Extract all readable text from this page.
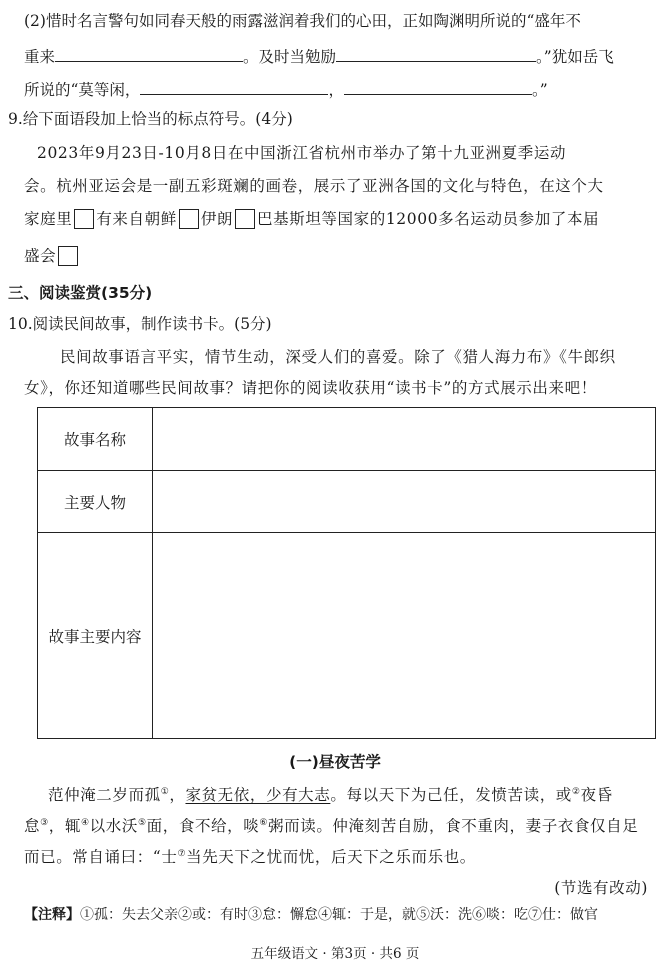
(2)惜时名言警句如同春天般的雨露滋润着我们的心田，正如陶渊明所说的“盛年不
重来	。及时当勉励	。”犹如岳飞
所说的“莫等闲，	，	。”
9.给下面语段加上恰当的标点符号。(4分)
2023年9月23日-10月8日在中国浙江省杭州市举办了第十九亚洲夏季运动
会。杭州亚运会是一副五彩斑斓的画卷，展示了亚洲各国的文化与特色，在这个大
家庭里 有来自朝鲜 伊朗 巴基斯坦等国家的12000多名运动员参加了本届
盛会
三、阅读鉴赏(35分)
10.阅读民间故事，制作读书卡。(5分)
民间故事语言平实，情节生动，深受人们的喜爱。除了《猎人海力布》《牛郎织
女》，你还知道哪些民间故事？请把你的阅读收获用“读书卡”的方式展示出来吧！
故事名称	
主要人物	
故事主要内容	
(一)昼夜苦学
范仲淹二岁而孤①，家贫无依，少有大志。每以天下为己任，发愤苦读，或②夜昏
怠③，辄④以水沃⑤面，食不给，啖⑥粥而读。仲淹刻苦自励，食不重肉，妻子衣食仅自足
而已。常自诵曰：“士⑦当先天下之忧而忧，后天下之乐而乐也。
(节选有改动)
【注释】①孤：失去父亲②或：有时③怠：懈怠④辄：于是，就⑤沃：洗⑥啖：吃⑦仕：做官
五年级语文 · 第3页 · 共6 页
